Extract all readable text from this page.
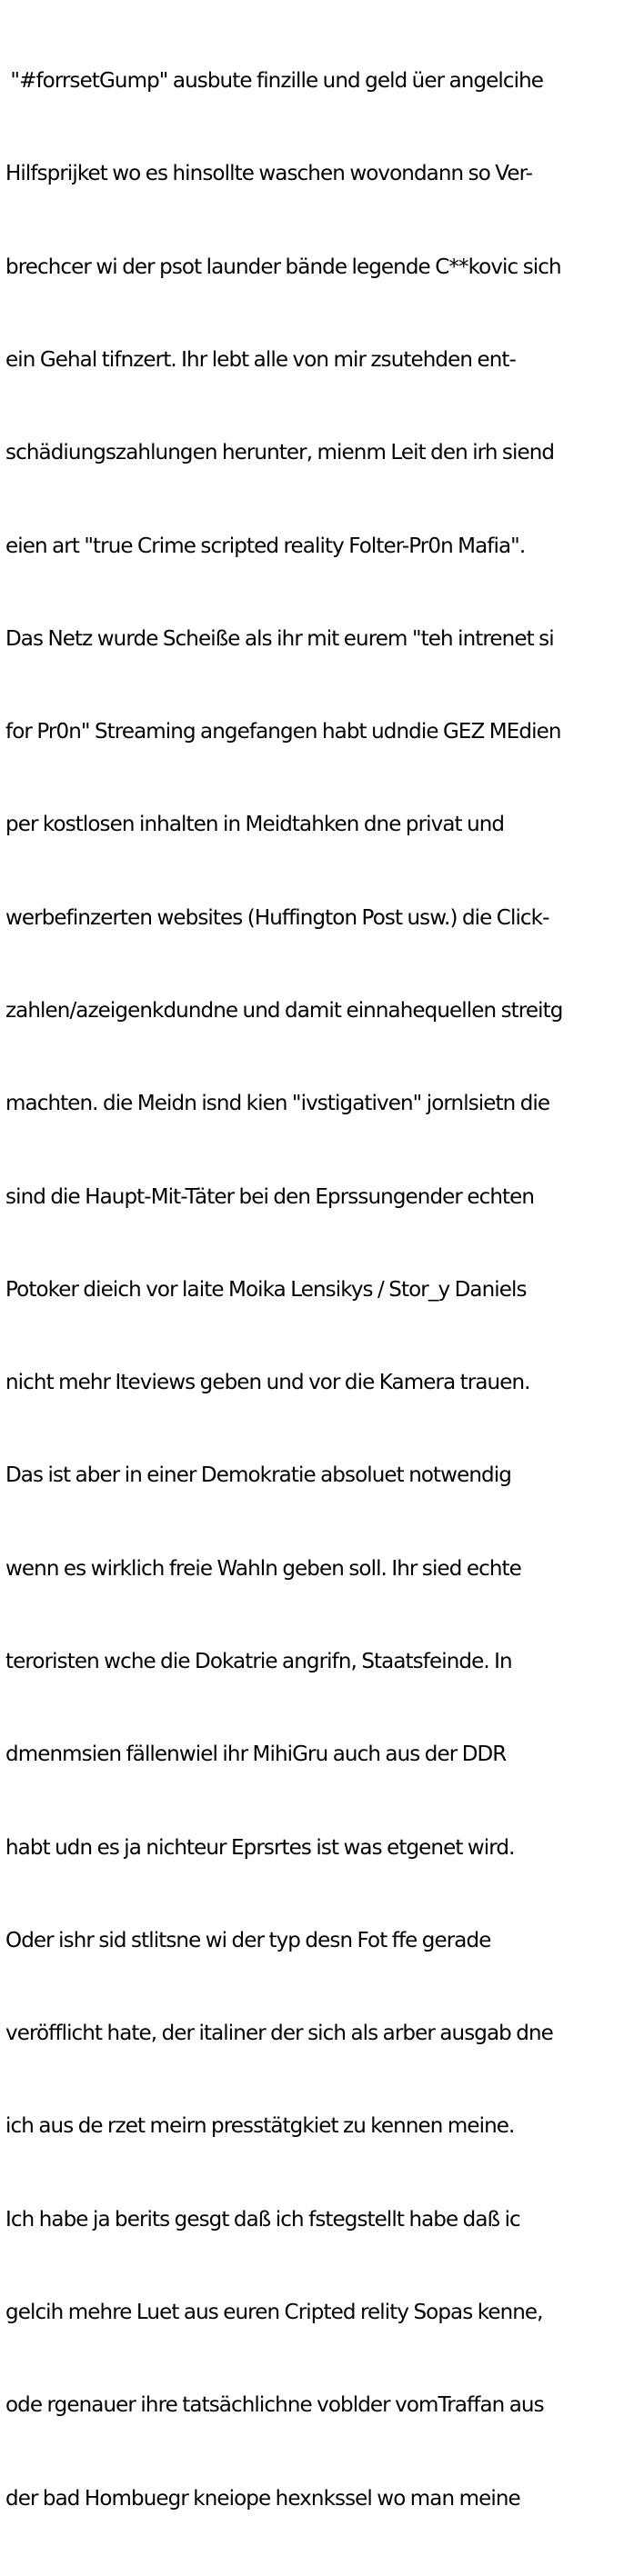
"#forrsetGump" ausbute finzille und geld üer angelcihe

Hilfsprijket wo es hinsollte waschen wovondann so Ver-

brechcer wi der psot launder bände legende C**kovic sich

ein Gehal tifnzert. Ihr lebt alle von mir zsutehden ent-

schädiungszahlungen herunter, mienm Leit den irh siend

eien art "true Crime scripted reality Folter-Pr0n Mafia".

Das Netz wurde Scheiße als ihr mit eurem "teh intrenet si

for Pr0n" Streaming angefangen habt udndie GEZ MEdien

per kostlosen inhalten in Meidtahken dne privat und

werbefinzerten websites (Huffington Post usw.) die Click-

zahlen/azeigenkdundne und damit einnahequellen streitg

machten. die Meidn isnd kien "ivstigativen" jornlsietn die

sind die Haupt-Mit-Täter bei den Eprssungender echten

Potoker dieich vor laite Moika Lensikys / Stor_y Daniels

nicht mehr Iteviews geben und vor die Kamera trauen.

Das ist aber in einer Demokratie absoluet notwendig

wenn es wirklich freie Wahln geben soll. Ihr sied echte

teroristen wche die Dokatrie angrifn, Staatsfeinde. In

dmenmsien fällenwiel ihr MihiGru auch aus der DDR

habt udn es ja nichteur Eprsrtes ist was etgenet wird.

Oder ishr sid stlitsne wi der typ desn Fot ffe gerade

veröfflicht hate, der italiner der sich als arber ausgab dne

ich aus de rzet meirn presstätgkiet zu kennen meine.

Ich habe ja berits gesgt daß ich fstegstellt habe daß ic

gelcih mehre Luet aus euren Cripted relity Sopas kenne,

ode rgenauer ihre tatsächlichne voblder vomTraffan aus

der bad Hombuegr kneiope hexnkssel wo man meine
